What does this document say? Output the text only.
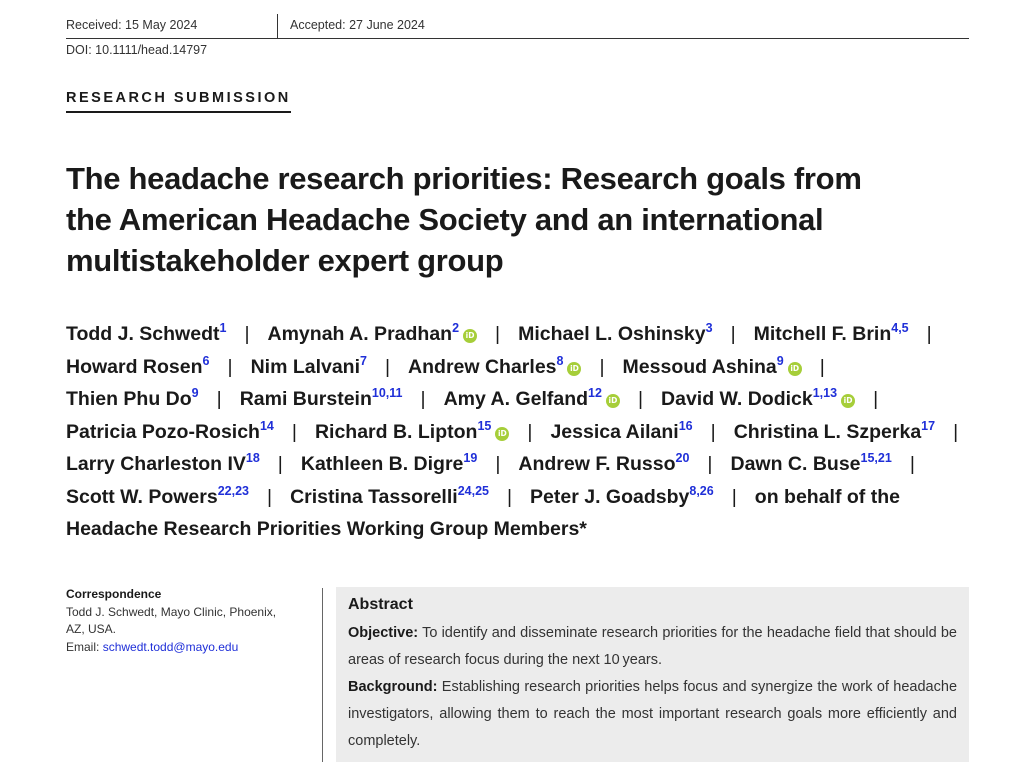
Received: 15 May 2024	Accepted: 27 June 2024
DOI: 10.1111/head.14797
RESEARCH SUBMISSION
The headache research priorities: Research goals from the American Headache Society and an international multistakeholder expert group
Todd J. Schwedt$^1$ | Amynah A. Pradhan$^2$iD | Michael L. Oshinsky$^3$ | Mitchell F. Brin$^{4,5}$ |
Howard Rosen$^6$ | Nim Lalvani$^7$ | Andrew Charles$^8$iD | Messoud Ashina$^9$iD |
Thien Phu Do$^9$ | Rami Burstein$^{10,11}$ | Amy A. Gelfand$^{12}$iD | David W. Dodick$^{1,13}$iD |
Patricia Pozo-Rosich$^{14}$ | Richard B. Lipton$^{15}$iD | Jessica Ailani$^{16}$ | Christina L. Szperka$^{17}$ |
Larry Charleston IV$^{18}$ | Kathleen B. Digre$^{19}$ | Andrew F. Russo$^{20}$ | Dawn C. Buse$^{15,21}$ |
Scott W. Powers$^{22,23}$ | Cristina Tassorelli$^{24,25}$ | Peter J. Goadsby$^{8,26}$ | on behalf of the
Headache Research Priorities Working Group Members*
Correspondence
Todd J. Schwedt, Mayo Clinic, Phoenix,
AZ, USA.
Email: schwedt.todd@mayo.edu
Abstract

Objective: To identify and disseminate research priorities for the headache field that should be areas of research focus during the next 10 years.

Background: Establishing research priorities helps focus and synergize the work of headache investigators, allowing them to reach the most important research goals more efficiently and completely.
